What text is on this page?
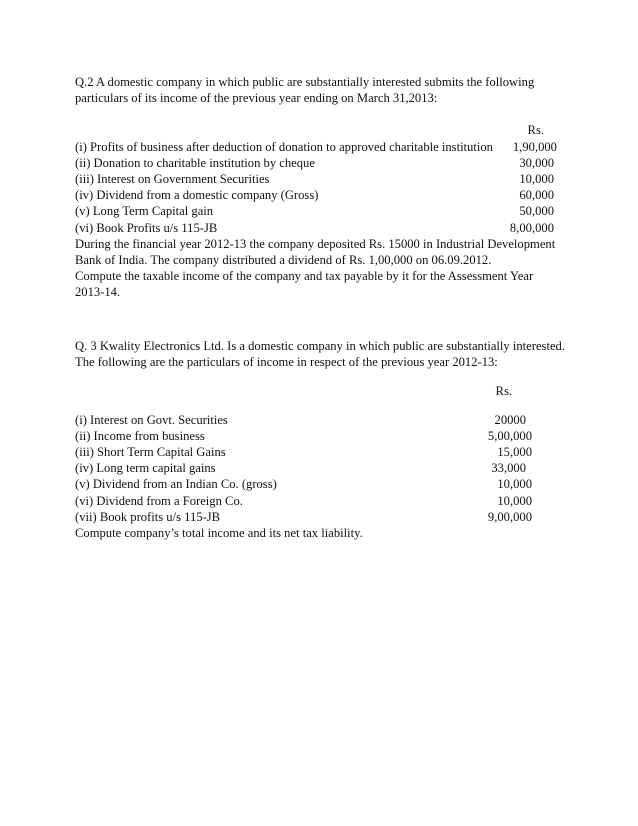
Q.2 A domestic company in which public are substantially interested submits the following particulars of its income of the previous year ending on March 31,2013:

Rs.
(i) Profits of business after deduction of donation to approved charitable institution	1,90,000
(ii) Donation to charitable institution by cheque	30,000
(iii) Interest on Government Securities	10,000
(iv) Dividend from a domestic company (Gross)	60,000
(v) Long Term Capital gain	50,000
(vi) Book Profits u/s 115-JB	8,00,000

During the financial year 2012-13 the company deposited Rs. 15000 in Industrial Development Bank of India. The company distributed a dividend of Rs. 1,00,000 on 06.09.2012.

Compute the taxable income of the company and tax payable by it for the Assessment Year 2013-14.

Q. 3 Kwality Electronics Ltd. Is a domestic company in which public are substantially interested. The following are the particulars of income in respect of the previous year 2012-13:

Rs.
(i) Interest on Govt. Securities	20000
(ii) Income from business	5,00,000
(iii) Short Term Capital Gains	15,000
(iv) Long term capital gains	33,000
(v) Dividend from an Indian Co. (gross)	10,000
(vi) Dividend from a Foreign Co.	10,000
(vii) Book profits u/s 115-JB	9,00,000

Compute company’s total income and its net tax liability.
